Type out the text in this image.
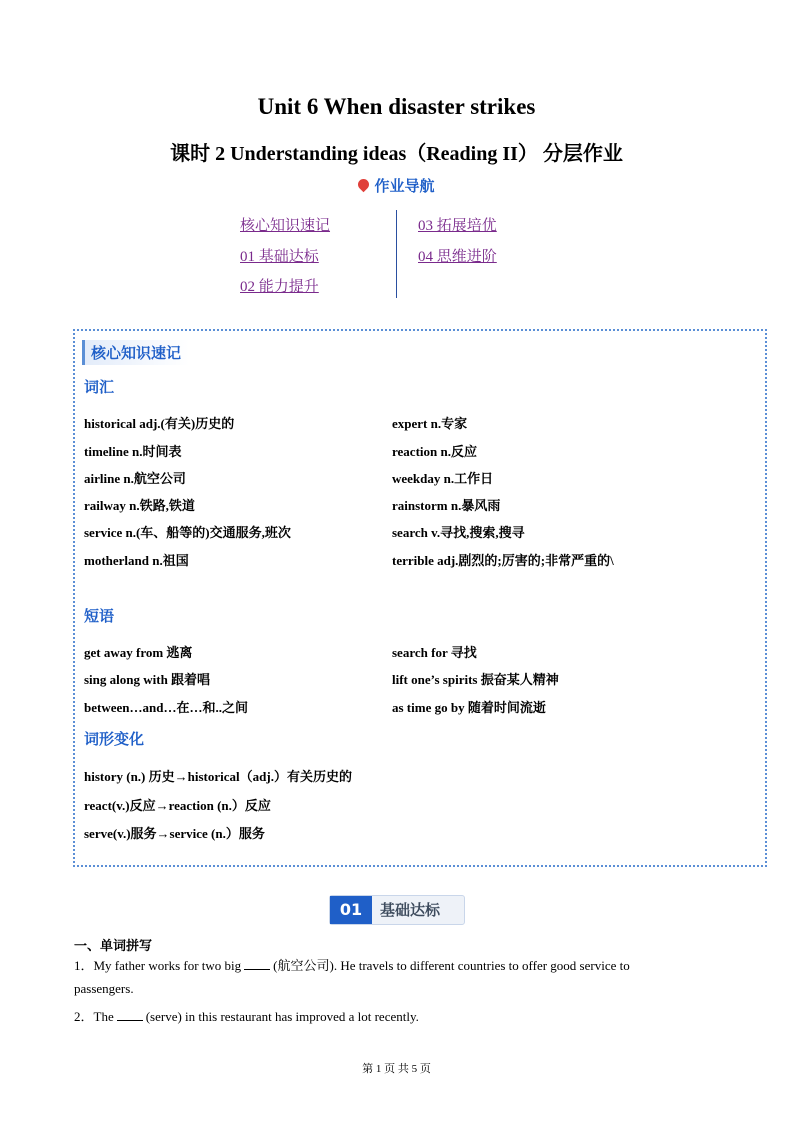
Unit 6 When disaster strikes
课时 2 Understanding ideas（Reading II） 分层作业
作业导航
核心知识速记
01 基础达标
02 能力提升
03 拓展培优
04 思维进阶
核心知识速记
词汇
historical adj.(有关)历史的
timeline n.时间表
airline n.航空公司
railway n.铁路,铁道
service n.(车、船等的)交通服务,班次
motherland n.祖国
expert n.专家
reaction n.反应
weekday n.工作日
rainstorm n.暴风雨
search v.寻找,搜索,搜寻
terrible adj.剧烈的;厉害的;非常严重的\
短语
get away from 逃离
sing along with 跟着唱
between…and…在…和..之间
search for 寻找
lift one’s spirits 振奋某人精神
as time go by 随着时间流逝
词形变化
history (n.) 历史→historical（adj.）有关历史的
react(v.)反应→reaction (n.）反应
serve(v.)服务→service (n.）服务
01	基础达标
一、单词拼写
1．My father works for two big (航空公司). He travels to different countries to offer good service to
passengers.
2．The (serve) in this restaurant has improved a lot recently.
第 1 页 共 5 页
